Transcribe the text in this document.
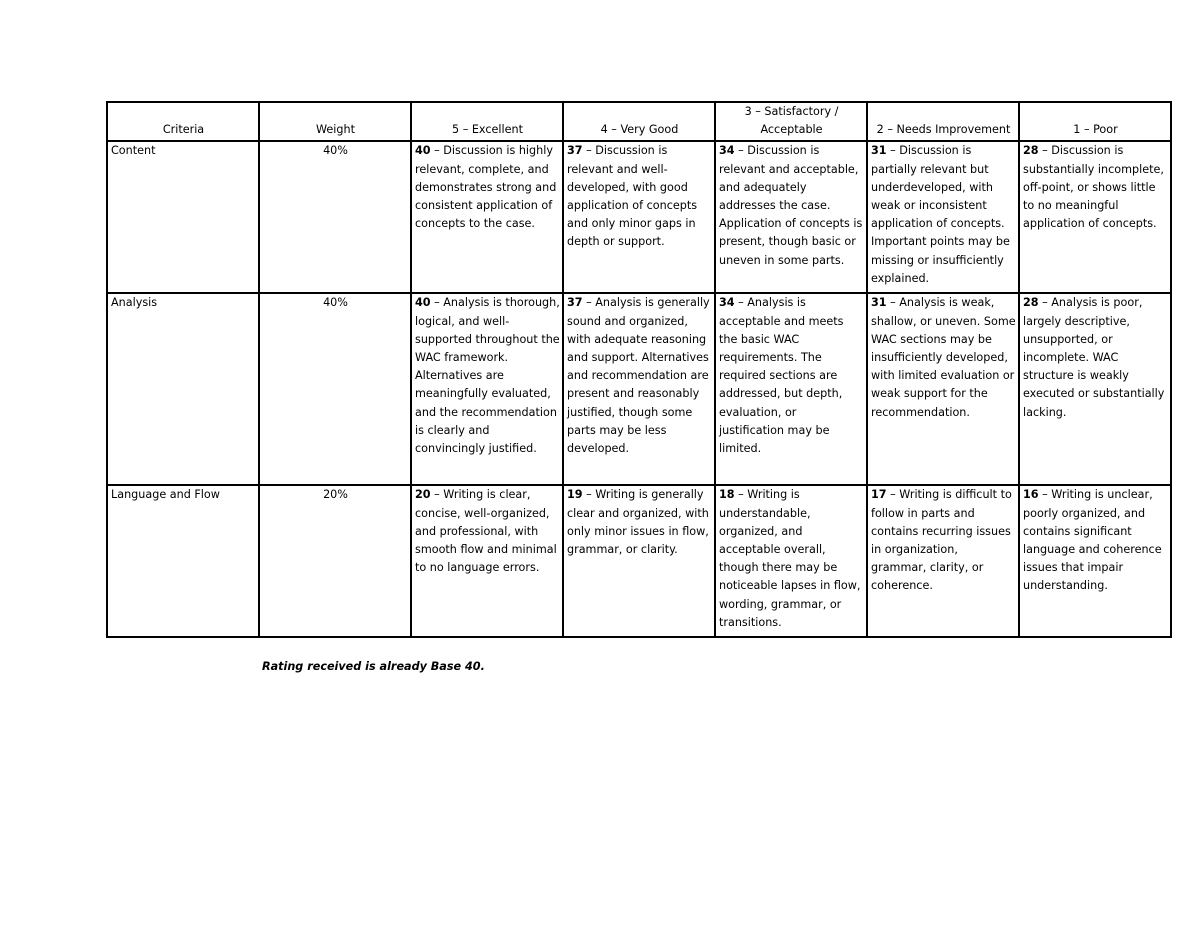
Criteria	Weight	5 – Excellent	4 – Very Good	3 – Satisfactory / Acceptable	2 – Needs Improvement	1 – Poor
Content	40%	40 – Discussion is highly relevant, complete, and demonstrates strong and consistent application of concepts to the case.	37 – Discussion is relevant and well-developed, with good application of concepts and only minor gaps in depth or support.	34 – Discussion is relevant and acceptable, and adequately addresses the case. Application of concepts is present, though basic or uneven in some parts.	31 – Discussion is partially relevant but underdeveloped, with weak or inconsistent application of concepts. Important points may be missing or insufficiently explained.	28 – Discussion is substantially incomplete, off-point, or shows little to no meaningful application of concepts.
Analysis	40%	40 – Analysis is thorough, logical, and well-supported throughout the WAC framework. Alternatives are meaningfully evaluated, and the recommendation is clearly and convincingly justified.	37 – Analysis is generally sound and organized, with adequate reasoning and support. Alternatives and recommendation are present and reasonably justified, though some parts may be less developed.	34 – Analysis is acceptable and meets the basic WAC requirements. The required sections are addressed, but depth, evaluation, or justification may be limited.	31 – Analysis is weak, shallow, or uneven. Some WAC sections may be insufficiently developed, with limited evaluation or weak support for the recommendation.	28 – Analysis is poor, largely descriptive, unsupported, or incomplete. WAC structure is weakly executed or substantially lacking.
Language and Flow	20%	20 – Writing is clear, concise, well-organized, and professional, with smooth flow and minimal to no language errors.	19 – Writing is generally clear and organized, with only minor issues in flow, grammar, or clarity.	18 – Writing is understandable, organized, and acceptable overall, though there may be noticeable lapses in flow, wording, grammar, or transitions.	17 – Writing is difficult to follow in parts and contains recurring issues in organization, grammar, clarity, or coherence.	16 – Writing is unclear, poorly organized, and contains significant language and coherence issues that impair understanding.
Rating received is already Base 40.
